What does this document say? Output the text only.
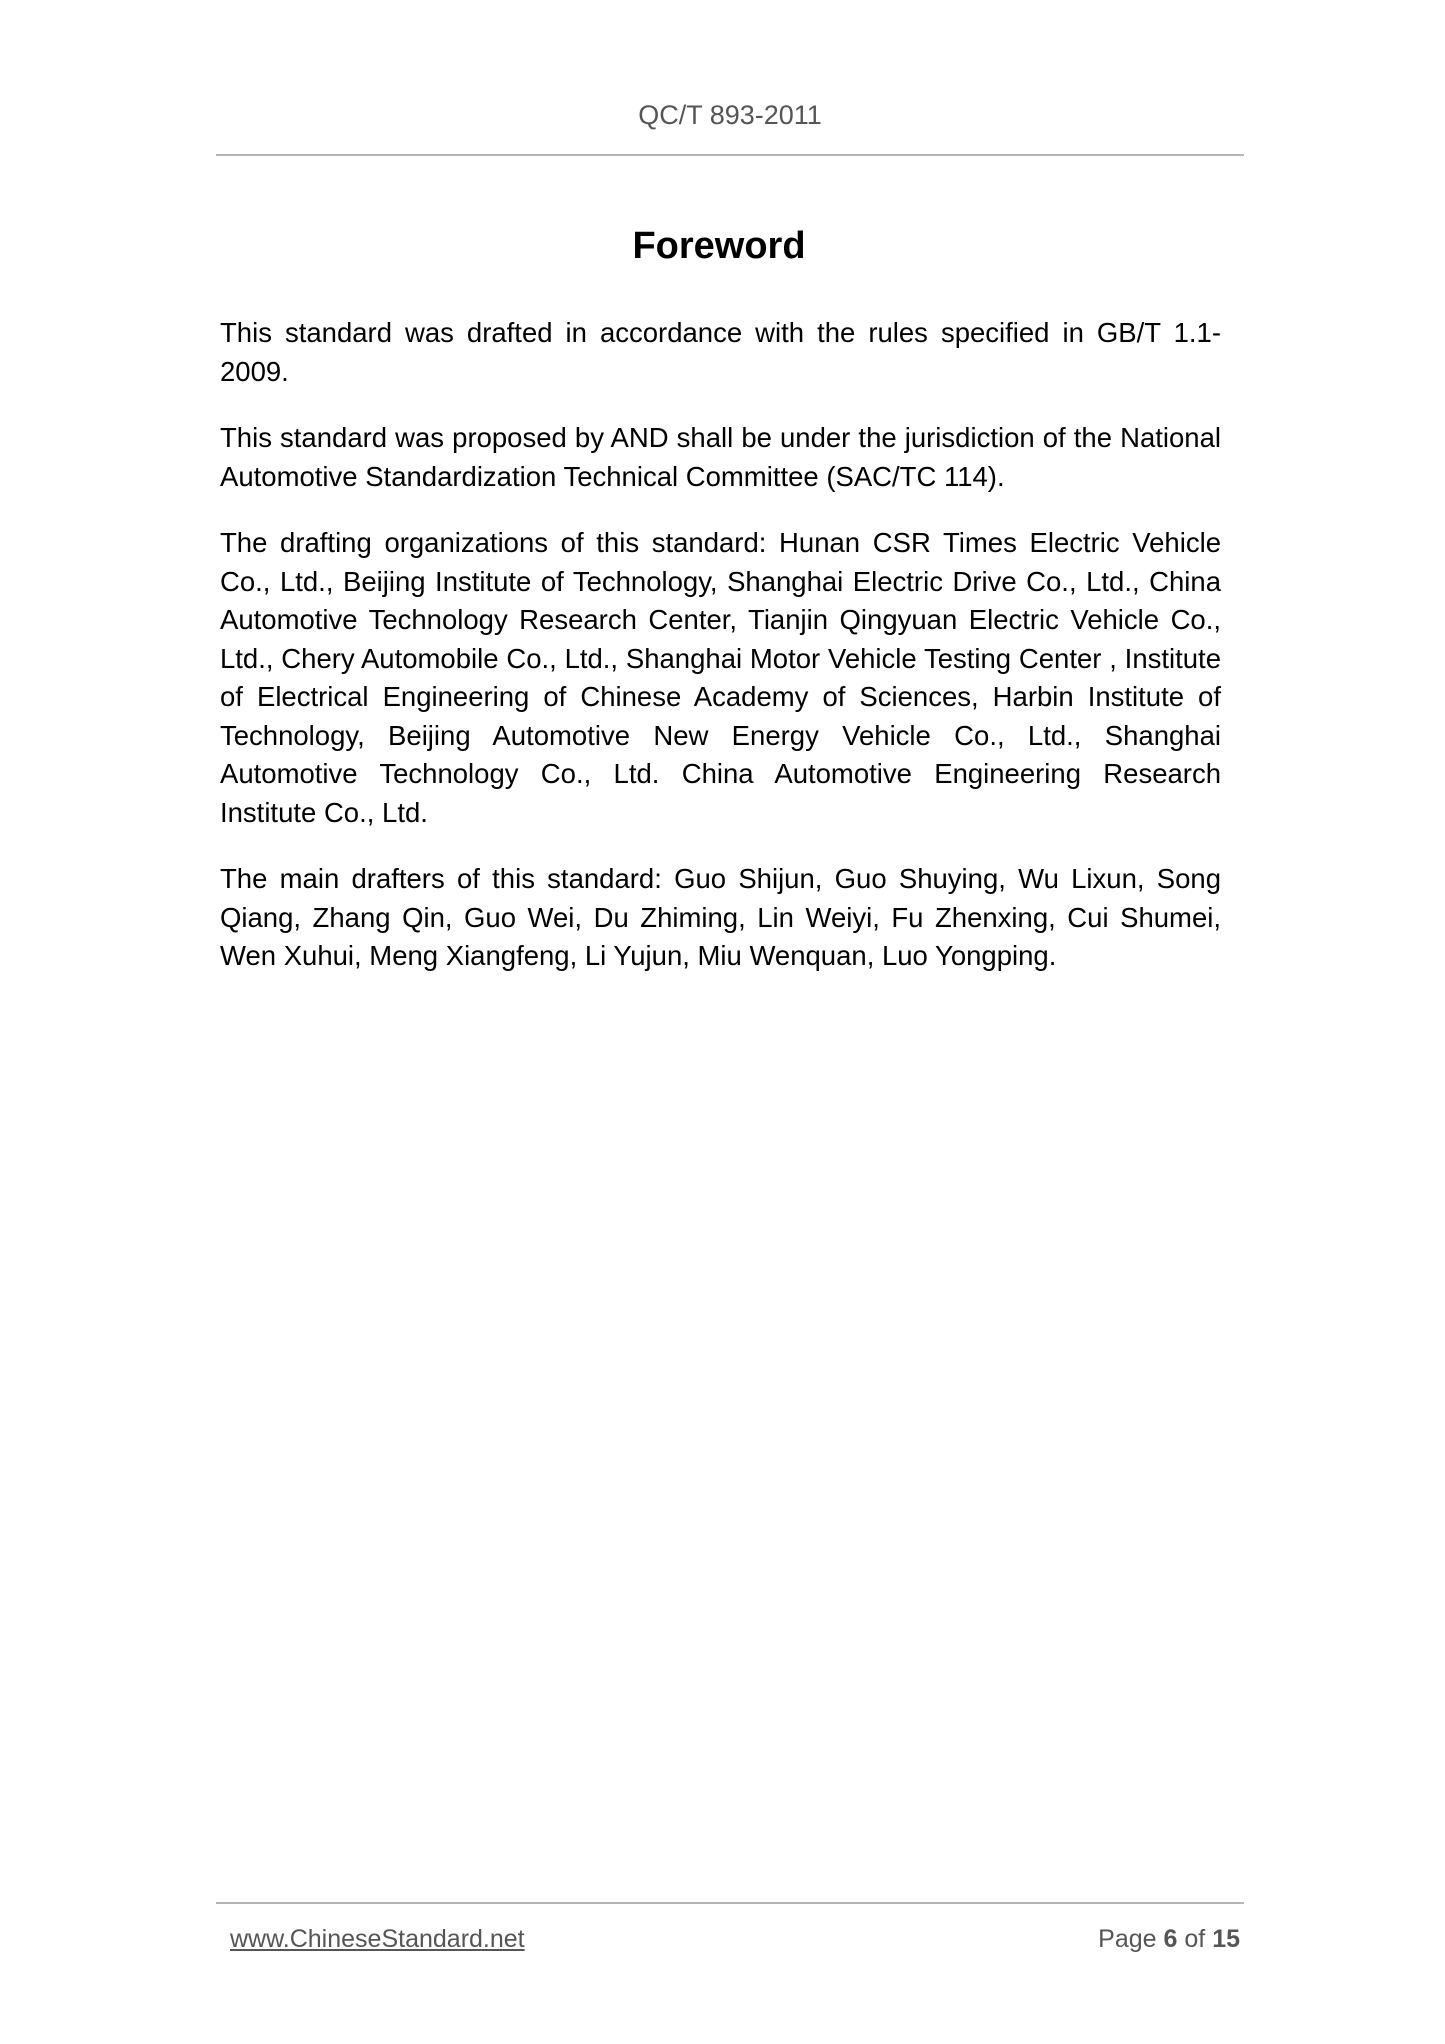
QC/T 893-2011
Foreword

This standard was drafted in accordance with the rules specified in GB/T 1.1-2009.

This standard was proposed by AND shall be under the jurisdiction of the National Automotive Standardization Technical Committee (SAC/TC 114).

The drafting organizations of this standard: Hunan CSR Times Electric Vehicle Co., Ltd., Beijing Institute of Technology, Shanghai Electric Drive Co., Ltd., China Automotive Technology Research Center, Tianjin Qingyuan Electric Vehicle Co., Ltd., Chery Automobile Co., Ltd., Shanghai Motor Vehicle Testing Center , Institute of Electrical Engineering of Chinese Academy of Sciences, Harbin Institute of Technology, Beijing Automotive New Energy Vehicle Co., Ltd., Shanghai Automotive Technology Co., Ltd. China Automotive Engineering Research Institute Co., Ltd.

The main drafters of this standard: Guo Shijun, Guo Shuying, Wu Lixun, Song Qiang, Zhang Qin, Guo Wei, Du Zhiming, Lin Weiyi, Fu Zhenxing, Cui Shumei, Wen Xuhui, Meng Xiangfeng, Li Yujun, Miu Wenquan, Luo Yongping.

www.ChineseStandard.net	Page 6 of 15
